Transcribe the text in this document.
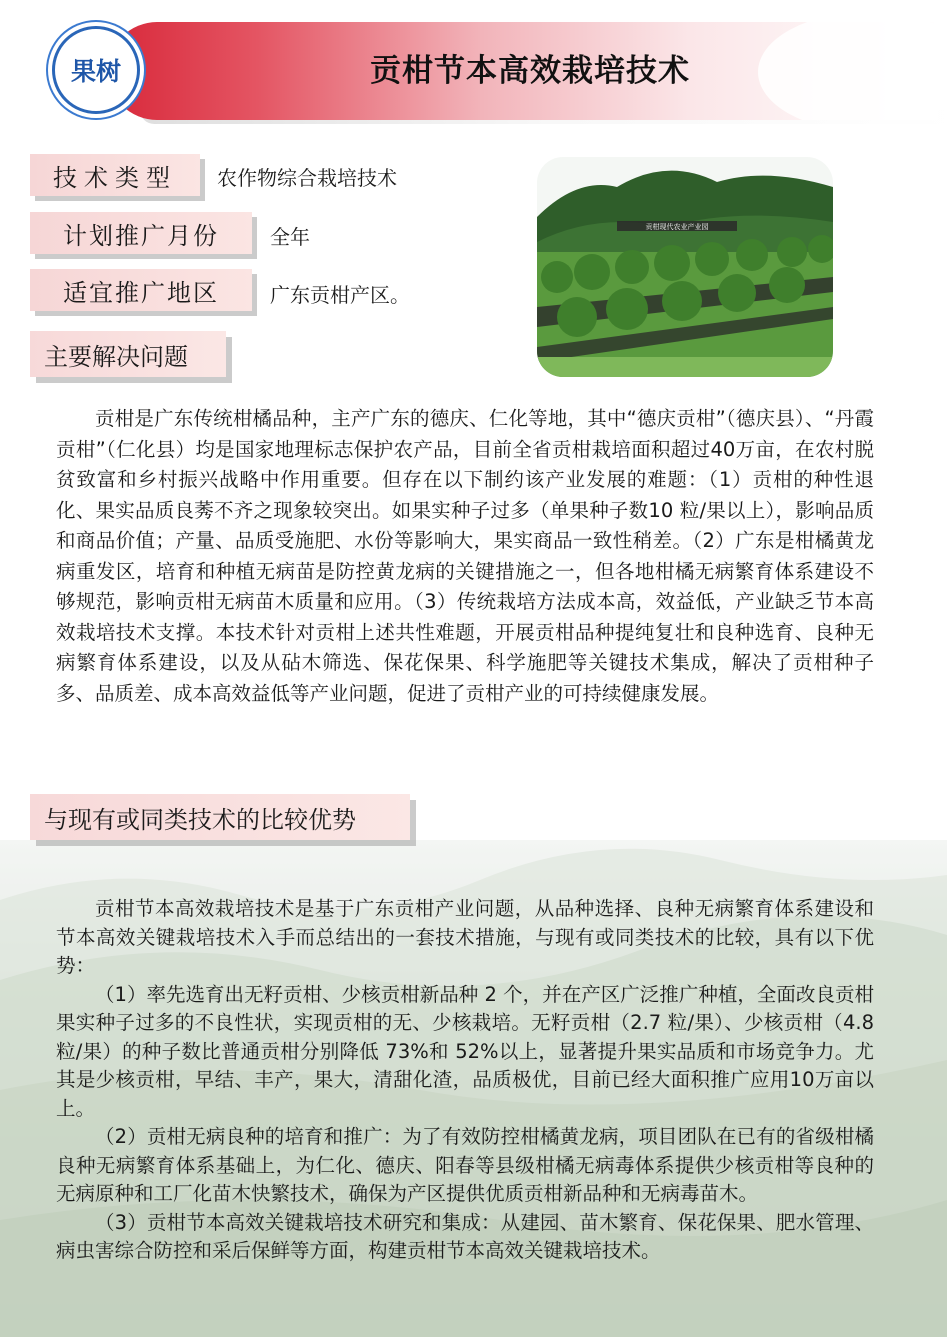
贡柑节本高效栽培技术
果树
技术类型	农作物综合栽培技术
计划推广月份	全年
适宜推广地区	广东贡柑产区。
主要解决问题
贡柑现代农业产业园
贡柑是广东传统柑橘品种，主产广东的德庆、仁化等地，其中“德庆贡柑”（德庆县）、“丹霞贡柑”（仁化县）均是国家地理标志保护农产品，目前全省贡柑栽培面积超过40万亩，在农村脱贫致富和乡村振兴战略中作用重要。但存在以下制约该产业发展的难题：（1）贡柑的种性退化、果实品质良莠不齐之现象较突出。如果实种子过多（单果种子数10 粒/果以上），影响品质和商品价值；产量、品质受施肥、水份等影响大，果实商品一致性稍差。（2）广东是柑橘黄龙病重发区，培育和种植无病苗是防控黄龙病的关键措施之一，但各地柑橘无病繁育体系建设不够规范，影响贡柑无病苗木质量和应用。（3）传统栽培方法成本高，效益低，产业缺乏节本高效栽培技术支撑。本技术针对贡柑上述共性难题，开展贡柑品种提纯复壮和良种选育、良种无病繁育体系建设，以及从砧木筛选、保花保果、科学施肥等关键技术集成，解决了贡柑种子多、品质差、成本高效益低等产业问题，促进了贡柑产业的可持续健康发展。
与现有或同类技术的比较优势

贡柑节本高效栽培技术是基于广东贡柑产业问题，从品种选择、良种无病繁育体系建设和节本高效关键栽培技术入手而总结出的一套技术措施，与现有或同类技术的比较，具有以下优势：

（1）率先选育出无籽贡柑、少核贡柑新品种 2 个，并在产区广泛推广种植，全面改良贡柑果实种子过多的不良性状，实现贡柑的无、少核栽培。无籽贡柑（2.7 粒/果）、少核贡柑（4.8 粒/果）的种子数比普通贡柑分别降低 73%和 52%以上，显著提升果实品质和市场竞争力。尤其是少核贡柑，早结、丰产，果大，清甜化渣，品质极优，目前已经大面积推广应用10万亩以上。

（2）贡柑无病良种的培育和推广：为了有效防控柑橘黄龙病，项目团队在已有的省级柑橘良种无病繁育体系基础上，为仁化、德庆、阳春等县级柑橘无病毒体系提供少核贡柑等良种的无病原种和工厂化苗木快繁技术，确保为产区提供优质贡柑新品种和无病毒苗木。

（3）贡柑节本高效关键栽培技术研究和集成：从建园、苗木繁育、保花保果、肥水管理、病虫害综合防控和采后保鲜等方面，构建贡柑节本高效关键栽培技术。
